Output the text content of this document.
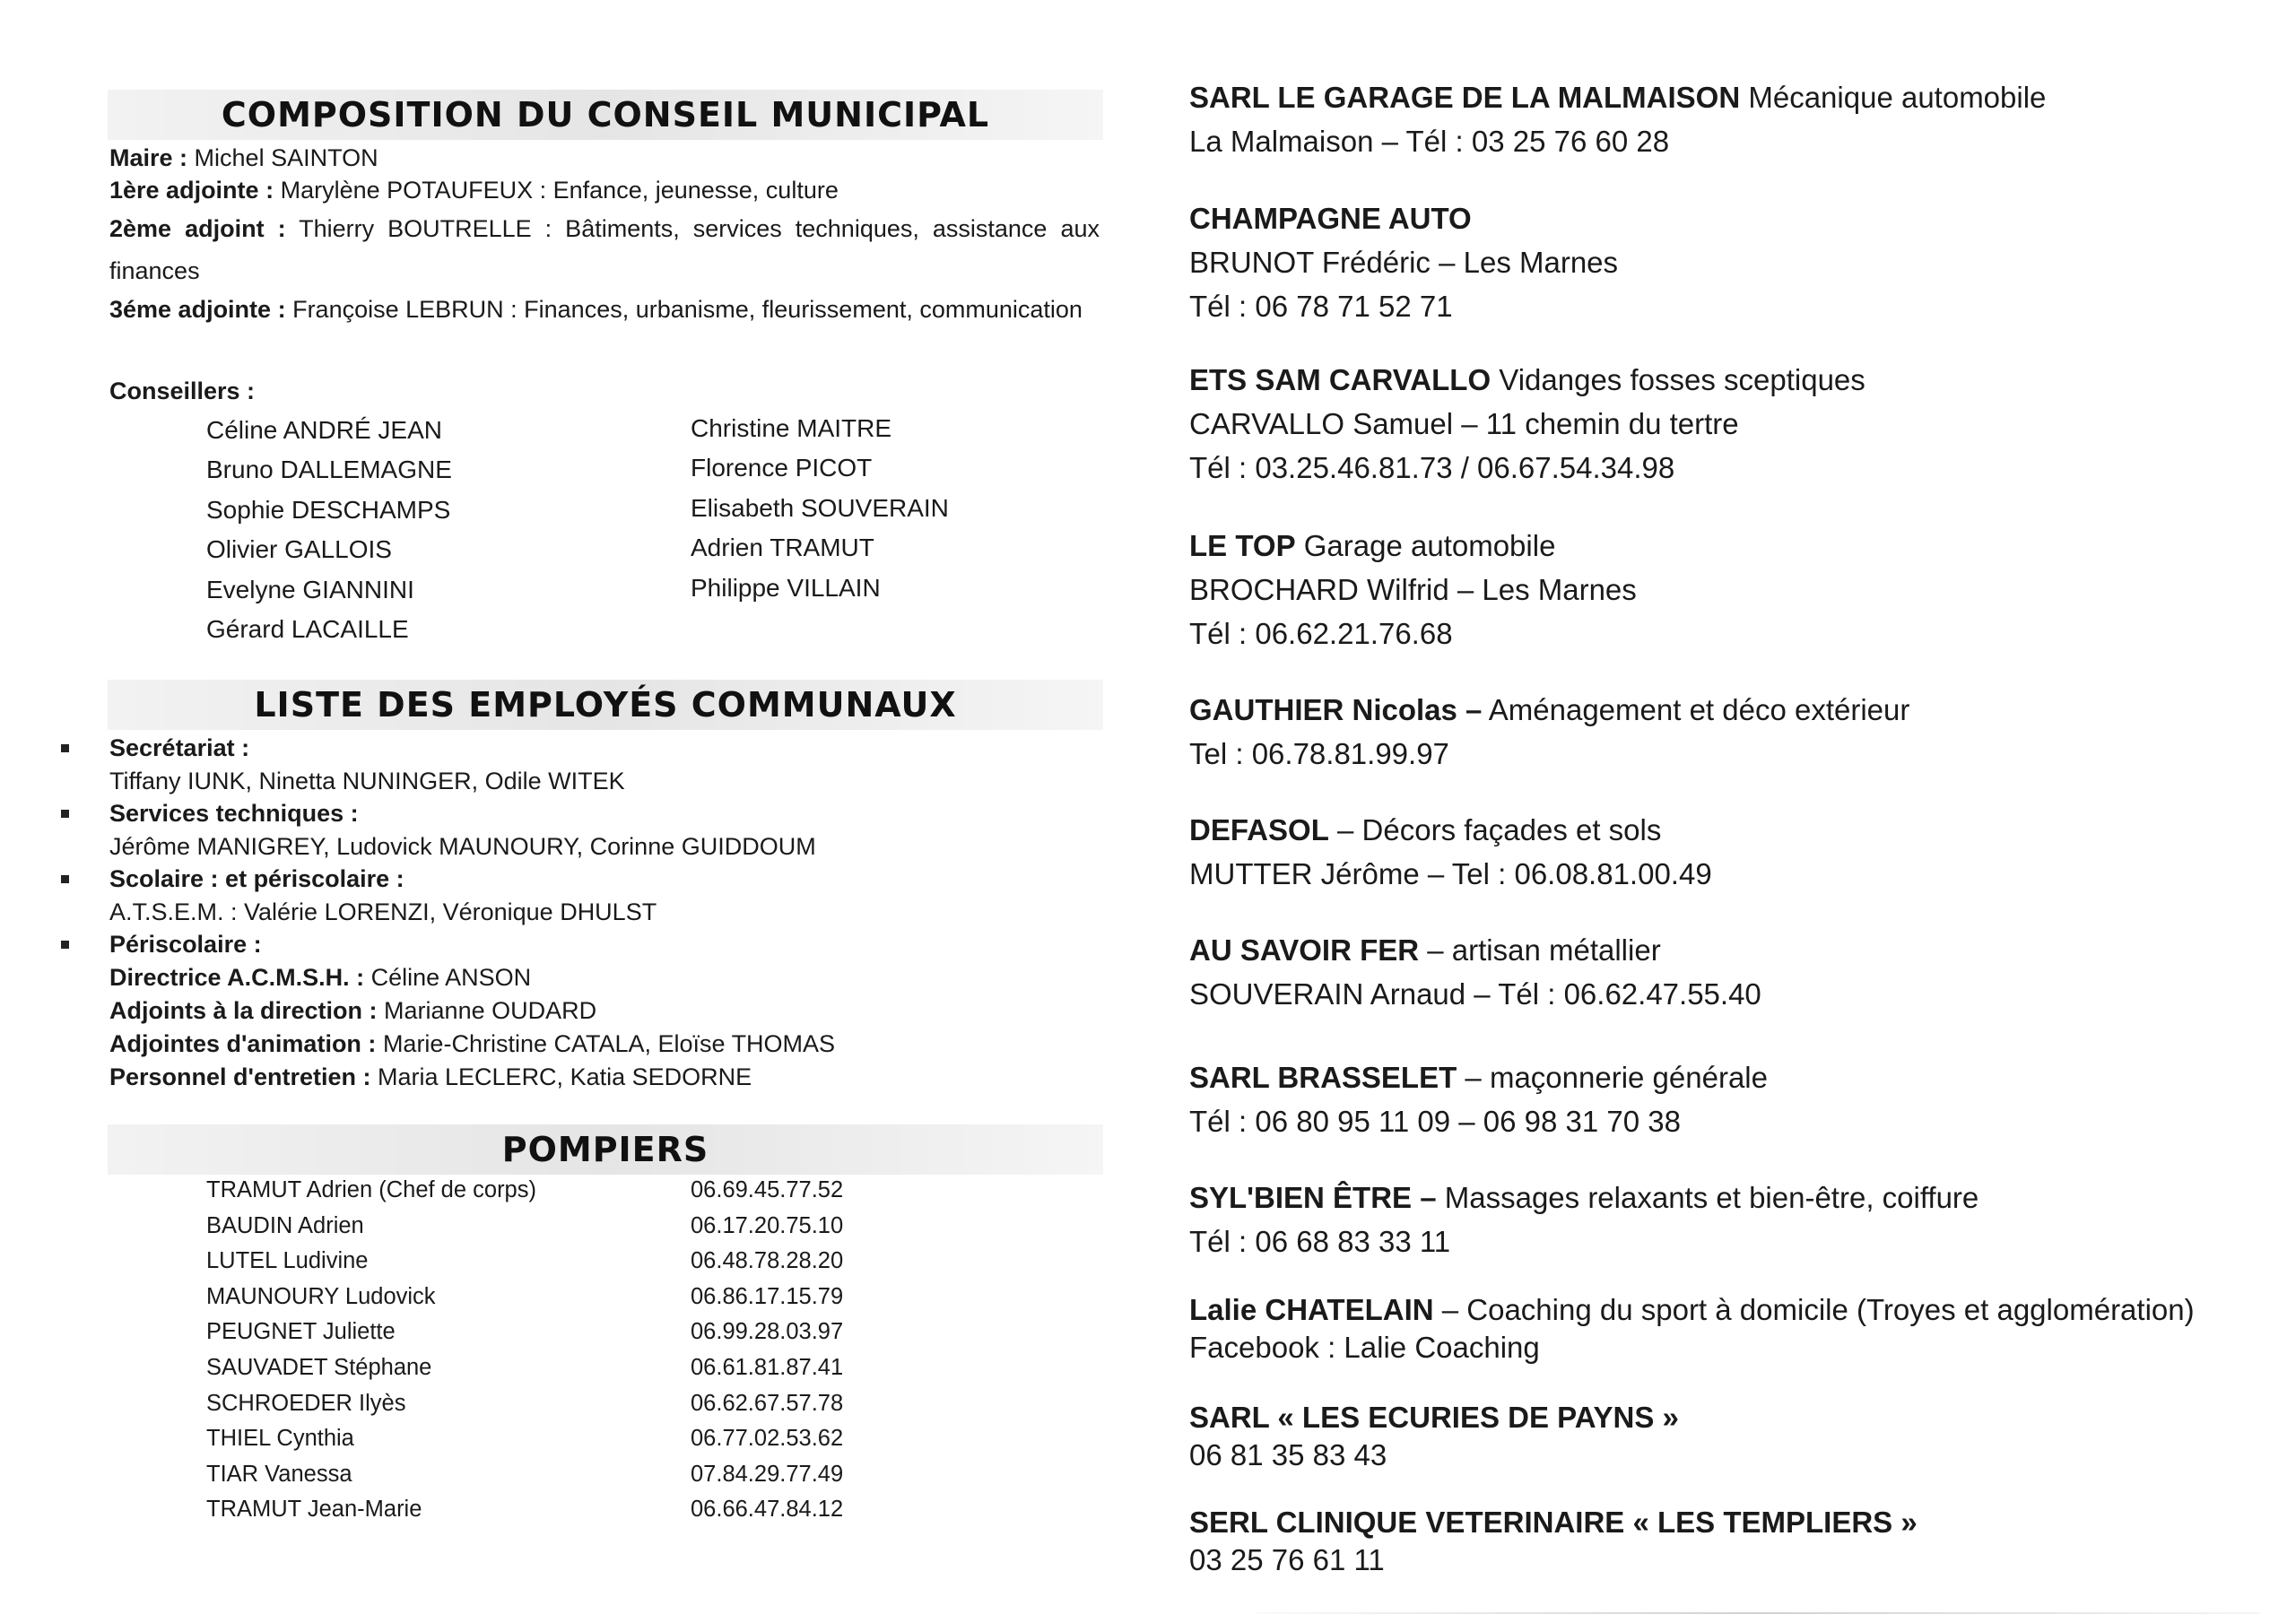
COMPOSITION DU CONSEIL MUNICIPAL
Maire : Michel SAINTON
1ère adjointe : Marylène POTAUFEUX : Enfance, jeunesse, culture
2ème adjoint : Thierry BOUTRELLE : Bâtiments, services techniques, assistance aux finances
3éme adjointe : Françoise LEBRUN : Finances, urbanisme, fleurissement, communication
Conseillers :
Céline ANDRÉ JEAN
Bruno DALLEMAGNE
Sophie DESCHAMPS
Olivier GALLOIS
Evelyne GIANNINI
Gérard LACAILLE
Christine MAITRE
Florence PICOT
Elisabeth SOUVERAIN
Adrien TRAMUT
Philippe VILLAIN
LISTE DES EMPLOYÉS COMMUNAUX
Secrétariat :
Tiffany IUNK, Ninetta NUNINGER, Odile WITEK
Services techniques :
Jérôme MANIGREY, Ludovick MAUNOURY, Corinne GUIDDOUM
Scolaire : et périscolaire :
A.T.S.E.M. : Valérie LORENZI, Véronique DHULST
Périscolaire :
Directrice A.C.M.S.H. : Céline ANSON
Adjoints à la direction : Marianne OUDARD
Adjointes d'animation : Marie-Christine CATALA, Eloïse THOMAS
Personnel d'entretien : Maria LECLERC, Katia SEDORNE
POMPIERS
TRAMUT Adrien (Chef de corps)
BAUDIN Adrien
LUTEL Ludivine
MAUNOURY Ludovick
PEUGNET Juliette
SAUVADET Stéphane
SCHROEDER Ilyès
THIEL Cynthia
TIAR Vanessa
TRAMUT Jean-Marie
06.69.45.77.52
06.17.20.75.10
06.48.78.28.20
06.86.17.15.79
06.99.28.03.97
06.61.81.87.41
06.62.67.57.78
06.77.02.53.62
07.84.29.77.49
06.66.47.84.12
SARL LE GARAGE DE LA MALMAISON Mécanique automobile
La Malmaison – Tél : 03 25 76 60 28
CHAMPAGNE AUTO
BRUNOT Frédéric – Les Marnes
Tél : 06 78 71 52 71
ETS SAM CARVALLO Vidanges fosses sceptiques
CARVALLO Samuel – 11 chemin du tertre
Tél : 03.25.46.81.73 / 06.67.54.34.98
LE TOP Garage automobile
BROCHARD Wilfrid – Les Marnes
Tél : 06.62.21.76.68
GAUTHIER Nicolas – Aménagement et déco extérieur
Tel : 06.78.81.99.97
DEFASOL – Décors façades et sols
MUTTER Jérôme – Tel : 06.08.81.00.49
AU SAVOIR FER – artisan métallier
SOUVERAIN Arnaud – Tél : 06.62.47.55.40
SARL BRASSELET – maçonnerie générale
Tél : 06 80 95 11 09 – 06 98 31 70 38
SYL'BIEN ÊTRE – Massages relaxants et bien-être, coiffure
Tél : 06 68 83 33 11
Lalie CHATELAIN – Coaching du sport à domicile (Troyes et agglomération)
Facebook : Lalie Coaching
SARL « LES ECURIES DE PAYNS »
06 81 35 83 43
SERL CLINIQUE VETERINAIRE « LES TEMPLIERS »
03 25 76 61 11
